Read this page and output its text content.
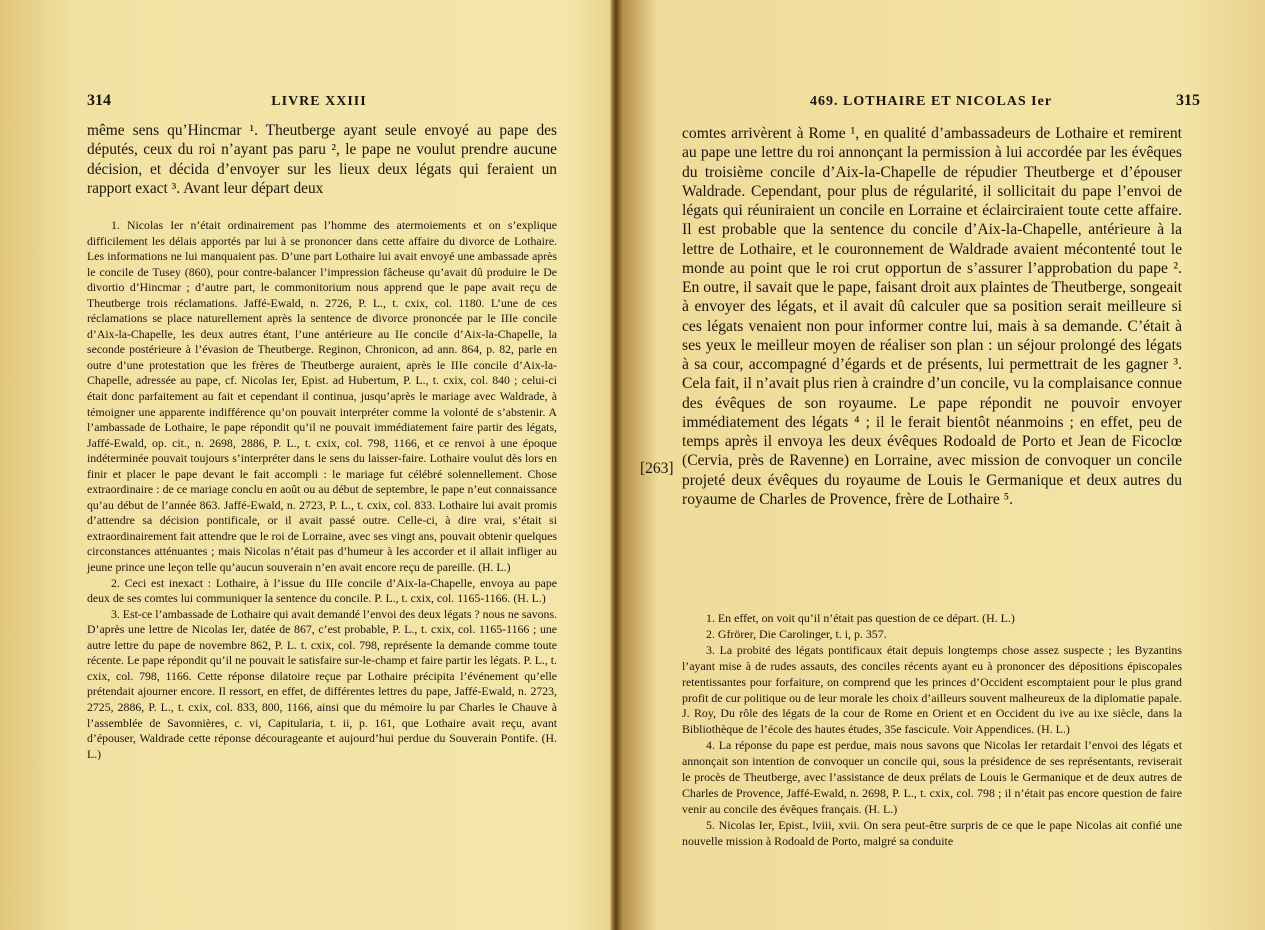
314	LIVRE XXIII

même sens qu’Hincmar ¹. Theutberge ayant seule envoyé au pape des députés, ceux du roi n’ayant pas paru ², le pape ne voulut prendre aucune décision, et décida d’envoyer sur les lieux deux légats qui feraient un rapport exact ³. Avant leur départ deux

1. Nicolas Ier n’était ordinairement pas l’homme des atermoiements et on s’explique difficilement les délais apportés par lui à se prononcer dans cette affaire du divorce de Lothaire. Les informations ne lui manquaient pas. D’une part Lothaire lui avait envoyé une ambassade après le concile de Tusey (860), pour contre-balancer l’impression fâcheuse qu’avait dû produire le De divortio d’Hincmar ; d’autre part, le commonitorium nous apprend que le pape avait reçu de Theutberge trois réclamations. Jaffé-Ewald, n. 2726, P. L., t. cxix, col. 1180. L’une de ces réclamations se place naturellement après la sentence de divorce prononcée par le IIIe concile d’Aix-la-Chapelle, les deux autres étant, l’une antérieure au IIe concile d’Aix-la-Chapelle, la seconde postérieure à l’évasion de Theutberge. Reginon, Chronicon, ad ann. 864, p. 82, parle en outre d’une protestation que les frères de Theutberge auraient, après le IIIe concile d’Aix-la-Chapelle, adressée au pape, cf. Nicolas Ier, Epist. ad Hubertum, P. L., t. cxix, col. 840 ; celui-ci était donc parfaitement au fait et cependant il continua, jusqu’après le mariage avec Waldrade, à témoigner une apparente indifférence qu’on pouvait interpréter comme la volonté de s’abstenir. A l’ambassade de Lothaire, le pape répondit qu’il ne pouvait immédiatement faire partir des légats, Jaffé-Ewald, op. cit., n. 2698, 2886, P. L., t. cxix, col. 798, 1166, et ce renvoi à une époque indéterminée pouvait toujours s’interpréter dans le sens du laisser-faire. Lothaire voulut dès lors en finir et placer le pape devant le fait accompli : le mariage fut célébré solennellement. Chose extraordinaire : de ce mariage conclu en août ou au début de septembre, le pape n’eut connaissance qu’au début de l’année 863. Jaffé-Ewald, n. 2723, P. L., t. cxix, col. 833. Lothaire lui avait promis d’attendre sa décision pontificale, or il avait passé outre. Celle-ci, à dire vrai, s’était si extraordinairement fait attendre que le roi de Lorraine, avec ses vingt ans, pouvait obtenir quelques circonstances atténuantes ; mais Nicolas n’était pas d’humeur à les accorder et il allait infliger au jeune prince une leçon telle qu’aucun souverain n’en avait encore reçu de pareille. (H. L.)

2. Ceci est inexact : Lothaire, à l’issue du IIIe concile d’Aix-la-Chapelle, envoya au pape deux de ses comtes lui communiquer la sentence du concile. P. L., t. cxix, col. 1165-1166. (H. L.)

3. Est-ce l’ambassade de Lothaire qui avait demandé l’envoi des deux légats ? nous ne savons. D’après une lettre de Nicolas Ier, datée de 867, c’est probable, P. L., t. cxix, col. 1165-1166 ; une autre lettre du pape de novembre 862, P. L. t. cxix, col. 798, représente la demande comme toute récente. Le pape répondit qu’il ne pouvait le satisfaire sur-le-champ et faire partir les légats. P. L., t. cxix, col. 798, 1166. Cette réponse dilatoire reçue par Lothaire précipita l’événement qu’elle prétendait ajourner encore. Il ressort, en effet, de différentes lettres du pape, Jaffé-Ewald, n. 2723, 2725, 2886, P. L., t. cxix, col. 833, 800, 1166, ainsi que du mémoire lu par Charles le Chauve à l’assemblée de Savonnières, c. vi, Capitularia, t. ii, p. 161, que Lothaire avait reçu, avant d’épouser, Waldrade cette réponse décourageante et aujourd’hui perdue du Souverain Pontife. (H. L.)

469. LOTHAIRE ET NICOLAS Ier	315
[263]

comtes arrivèrent à Rome ¹, en qualité d’ambassadeurs de Lothaire et remirent au pape une lettre du roi annonçant la permission à lui accordée par les évêques du troisième concile d’Aix-la-Chapelle de répudier Theutberge et d’épouser Waldrade. Cependant, pour plus de régularité, il sollicitait du pape l’envoi de légats qui réuniraient un concile en Lorraine et éclairciraient toute cette affaire. Il est probable que la sentence du concile d’Aix-la-Chapelle, antérieure à la lettre de Lothaire, et le couronnement de Waldrade avaient mécontenté tout le monde au point que le roi crut opportun de s’assurer l’approbation du pape ². En outre, il savait que le pape, faisant droit aux plaintes de Theutberge, songeait à envoyer des légats, et il avait dû calculer que sa position serait meilleure si ces légats venaient non pour informer contre lui, mais à sa demande. C’était à ses yeux le meilleur moyen de réaliser son plan : un séjour prolongé des légats à sa cour, accompagné d’égards et de présents, lui permettrait de les gagner ³. Cela fait, il n’avait plus rien à craindre d’un concile, vu la complaisance connue des évêques de son royaume. Le pape répondit ne pouvoir envoyer immédiatement des légats ⁴ ; il le ferait bientôt néanmoins ; en effet, peu de temps après il envoya les deux évêques Rodoald de Porto et Jean de Ficoclœ (Cervia, près de Ravenne) en Lorraine, avec mission de convoquer un concile projeté deux évêques du royaume de Louis le Germanique et deux autres du royaume de Charles de Provence, frère de Lothaire ⁵.

1. En effet, on voit qu’il n’était pas question de ce départ. (H. L.)

2. Gfrörer, Die Carolinger, t. i, p. 357.

3. La probité des légats pontificaux était depuis longtemps chose assez suspecte ; les Byzantins l’ayant mise à de rudes assauts, des conciles récents ayant eu à prononcer des dépositions épiscopales retentissantes pour forfaiture, on comprend que les princes d’Occident escomptaient pour le plus grand profit de cur politique ou de leur morale les choix d’ailleurs souvent malheureux de la diplomatie papale. J. Roy, Du rôle des légats de la cour de Rome en Orient et en Occident du ive au ixe siècle, dans la Bibliothèque de l’école des hautes études, 35e fascicule. Voir Appendices. (H. L.)

4. La réponse du pape est perdue, mais nous savons que Nicolas Ier retardait l’envoi des légats et annonçait son intention de convoquer un concile qui, sous la présidence de ses représentants, reviserait le procès de Theutberge, avec l’assistance de deux prélats de Louis le Germanique et de deux autres de Charles de Provence, Jaffé-Ewald, n. 2698, P. L., t. cxix, col. 798 ; il n’était pas encore question de faire venir au concile des évêques français. (H. L.)

5. Nicolas Ier, Epist., lviii, xvii. On sera peut-être surpris de ce que le pape Nicolas ait confié une nouvelle mission à Rodoald de Porto, malgré sa conduite
